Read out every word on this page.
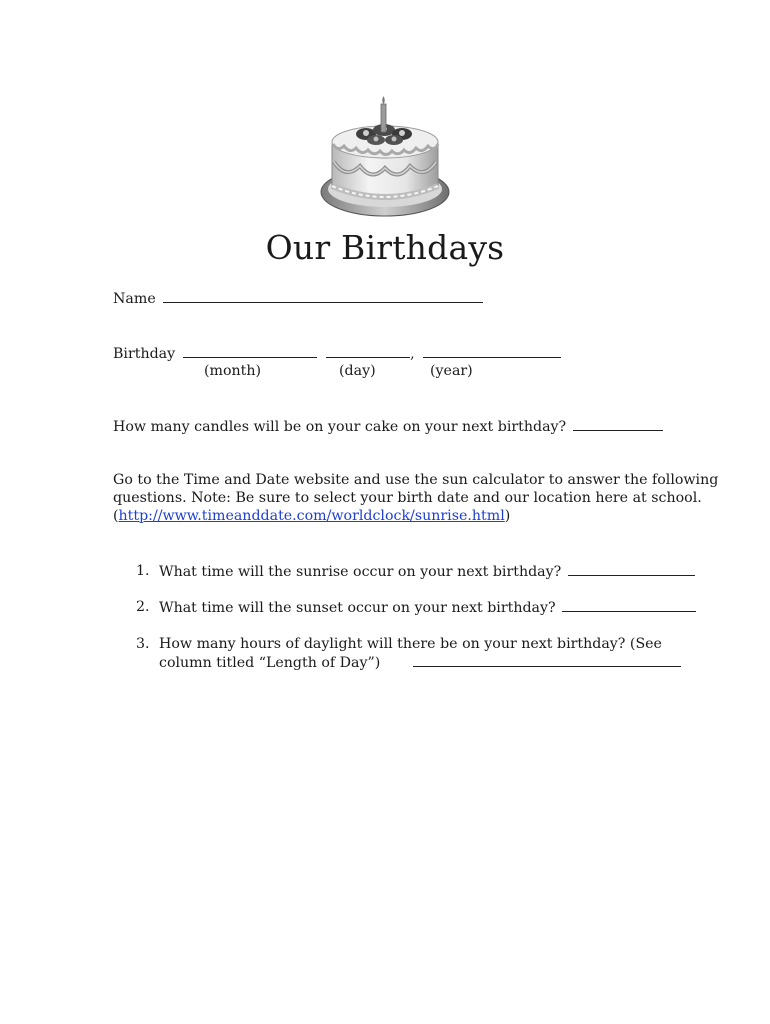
Our Birthdays
Name
Birthday	,
(month)	(day)	(year)
How many candles will be on your cake on your next birthday?
Go to the Time and Date website and use the sun calculator to answer the following
questions. Note: Be sure to select your birth date and our location here at school.
(http://www.timeanddate.com/worldclock/sunrise.html)
1. What time will the sunrise occur on your next birthday?
2. What time will the sunset occur on your next birthday?
3. How many hours of daylight will there be on your next birthday? (See
column titled “Length of Day”)
